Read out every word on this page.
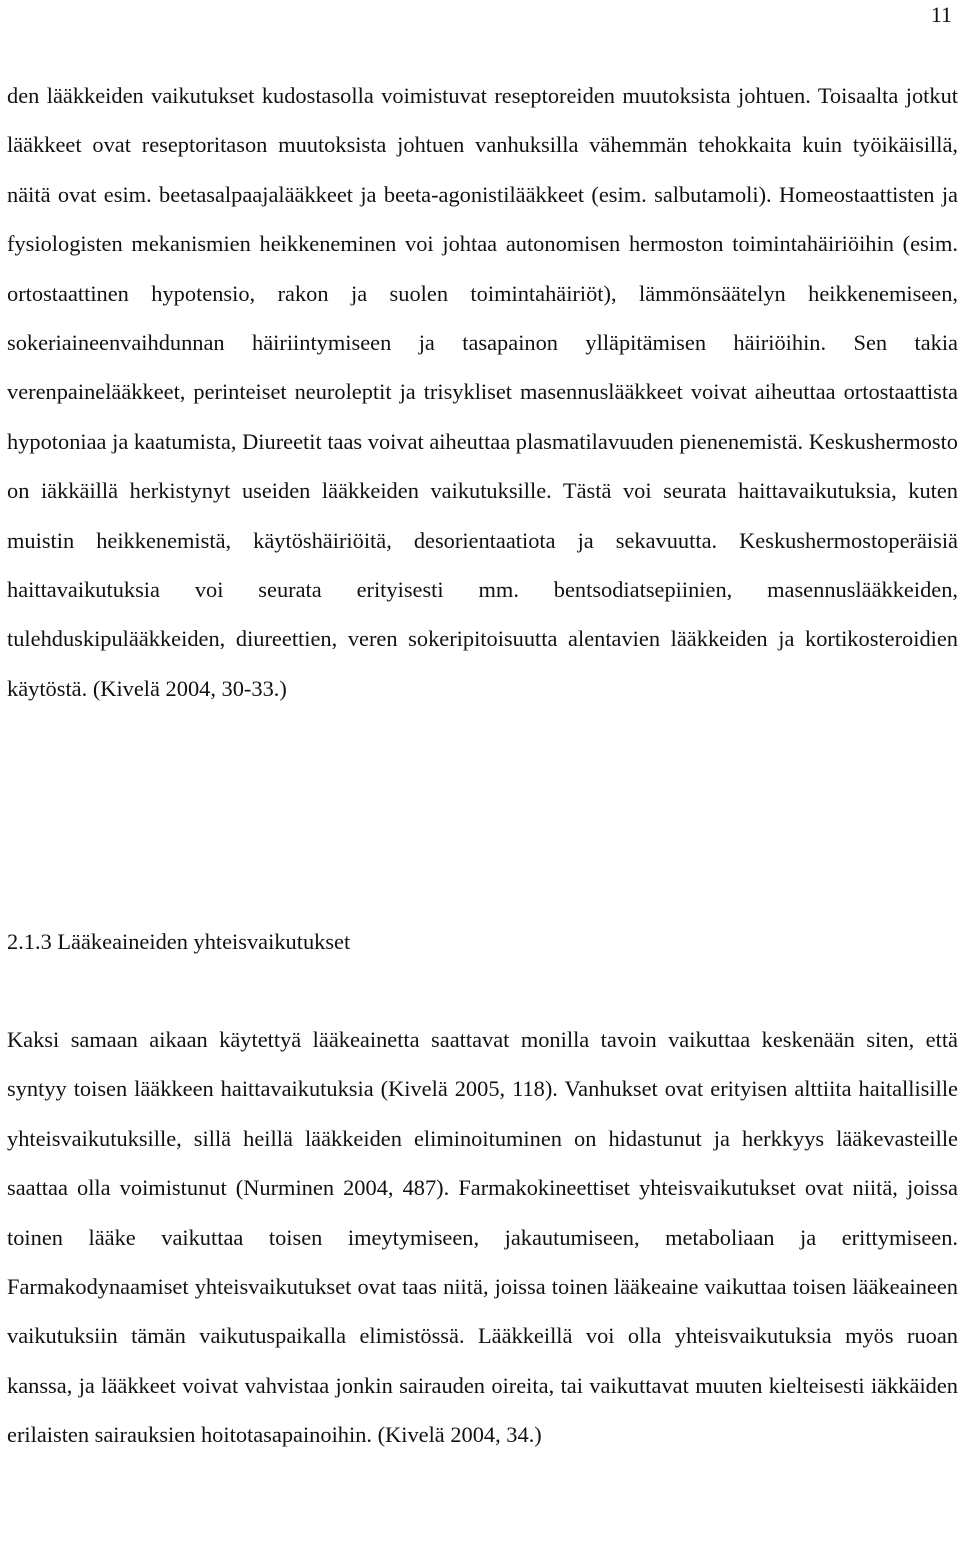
11

den lääkkeiden vaikutukset kudostasolla voimistuvat reseptoreiden muutoksista johtuen. Toisaalta jotkut lääkkeet ovat reseptoritason muutoksista johtuen vanhuksilla vähemmän tehokkaita kuin työikäisillä, näitä ovat esim. beetasalpaajalääkkeet ja beeta-agonistilääkkeet (esim. salbutamoli). Homeostaattisten ja fysiologisten mekanismien heikkeneminen voi johtaa autonomisen hermoston toimintahäiriöihin (esim. ortostaattinen hypotensio, rakon ja suolen toimintahäiriöt), lämmönsäätelyn heikkenemiseen, sokeriaineenvaihdunnan häiriintymiseen ja tasapainon ylläpitämisen häiriöihin. Sen takia verenpainelääkkeet, perinteiset neuroleptit ja trisykliset masennuslääkkeet voivat aiheuttaa ortostaattista hypotoniaa ja kaatumista, Diureetit taas voivat aiheuttaa plasmatilavuuden pienenemistä. Keskushermosto on iäkkäillä herkistynyt useiden lääkkeiden vaikutuksille. Tästä voi seurata haittavaikutuksia, kuten muistin heikkenemistä, käytöshäiriöitä, desorientaatiota ja sekavuutta. Keskushermostoperäisiä haittavaikutuksia voi seurata erityisesti mm. bentsodiatsepiinien, masennuslääkkeiden, tulehduskipulääkkeiden, diureettien, veren sokeripitoisuutta alentavien lääkkeiden ja kortikosteroidien käytöstä. (Kivelä 2004, 30-33.)

2.1.3 Lääkeaineiden yhteisvaikutukset

Kaksi samaan aikaan käytettyä lääkeainetta saattavat monilla tavoin vaikuttaa keskenään siten, että syntyy toisen lääkkeen haittavaikutuksia (Kivelä 2005, 118). Vanhukset ovat erityisen alttiita haitallisille yhteisvaikutuksille, sillä heillä lääkkeiden eliminoituminen on hidastunut ja herkkyys lääkevasteille saattaa olla voimistunut (Nurminen 2004, 487). Farmakokineettiset yhteisvaikutukset ovat niitä, joissa toinen lääke vaikuttaa toisen imeytymiseen, jakautumiseen, metaboliaan ja erittymiseen. Farmakodynaamiset yhteisvaikutukset ovat taas niitä, joissa toinen lääkeaine vaikuttaa toisen lääkeaineen vaikutuksiin tämän vaikutuspaikalla elimistössä. Lääkkeillä voi olla yhteisvaikutuksia myös ruoan kanssa, ja lääkkeet voivat vahvistaa jonkin sairauden oireita, tai vaikuttavat muuten kielteisesti iäkkäiden erilaisten sairauksien hoitotasapainoihin. (Kivelä 2004, 34.)
